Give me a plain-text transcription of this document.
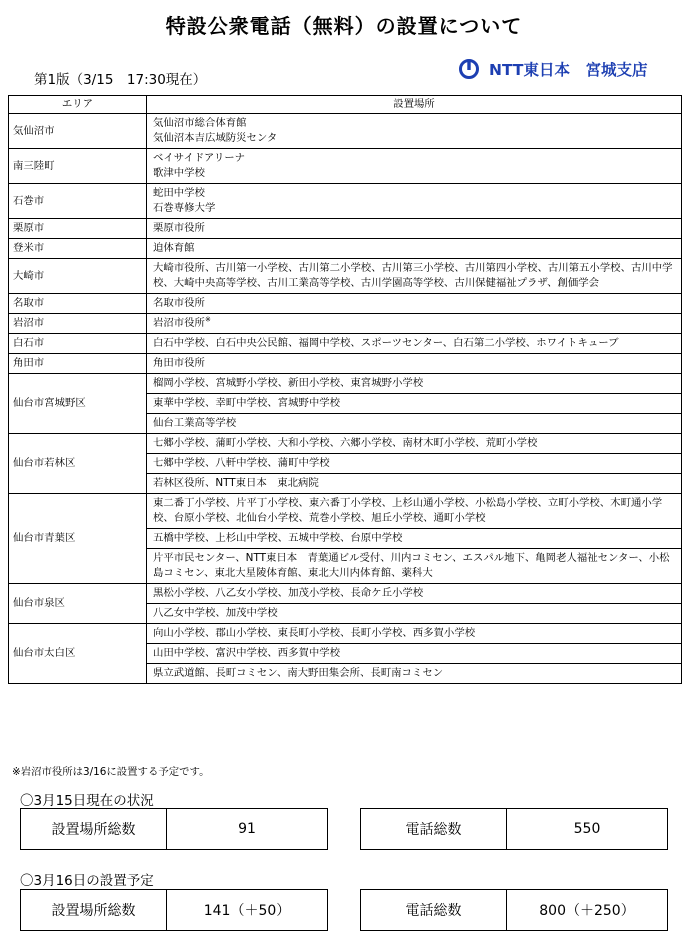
特設公衆電話（無料）の設置について
第1版（3/15　17:30現在）
NTT東日本　宮城支店
エリア	設置場所
気仙沼市	気仙沼市総合体育館
気仙沼本吉広域防災センタ
南三陸町	ベイサイドアリーナ
歌津中学校
石巻市	蛇田中学校
石巻専修大学
栗原市	栗原市役所
登米市	迫体育館
大崎市	大崎市役所、古川第一小学校、古川第二小学校、古川第三小学校、古川第四小学校、古川第五小学校、古川中学校、大崎中央高等学校、古川工業高等学校、古川学園高等学校、古川保健福祉プラザ、創価学会
名取市	名取市役所
岩沼市	岩沼市役所※
白石市	白石中学校、白石中央公民館、福岡中学校、スポーツセンター、白石第二小学校、ホワイトキューブ
角田市	角田市役所
仙台市宮城野区	榴岡小学校、宮城野小学校、新田小学校、東宮城野小学校
	東華中学校、幸町中学校、宮城野中学校
	仙台工業高等学校
仙台市若林区	七郷小学校、蒲町小学校、大和小学校、六郷小学校、南材木町小学校、荒町小学校
	七郷中学校、八軒中学校、蒲町中学校
	若林区役所、NTT東日本　東北病院
仙台市青葉区	東二番丁小学校、片平丁小学校、東六番丁小学校、上杉山通小学校、小松島小学校、立町小学校、木町通小学校、台原小学校、北仙台小学校、荒巻小学校、旭丘小学校、通町小学校
	五橋中学校、上杉山中学校、五城中学校、台原中学校
	片平市民センター、NTT東日本　青葉通ビル受付、川内コミセン、エスパル地下、亀岡老人福祉センター、小松島コミセン、東北大星陵体育館、東北大川内体育館、薬科大
仙台市泉区	黒松小学校、八乙女小学校、加茂小学校、長命ケ丘小学校
	八乙女中学校、加茂中学校
仙台市太白区	向山小学校、郡山小学校、東長町小学校、長町小学校、西多賀小学校
	山田中学校、富沢中学校、西多賀中学校
	県立武道館、長町コミセン、南大野田集会所、長町南コミセン
※岩沼市役所は3/16に設置する予定です。
〇3月15日現在の状況
設置場所総数	91	電話総数	550
〇3月16日の設置予定
設置場所総数	141（＋50）	電話総数	800（＋250）
